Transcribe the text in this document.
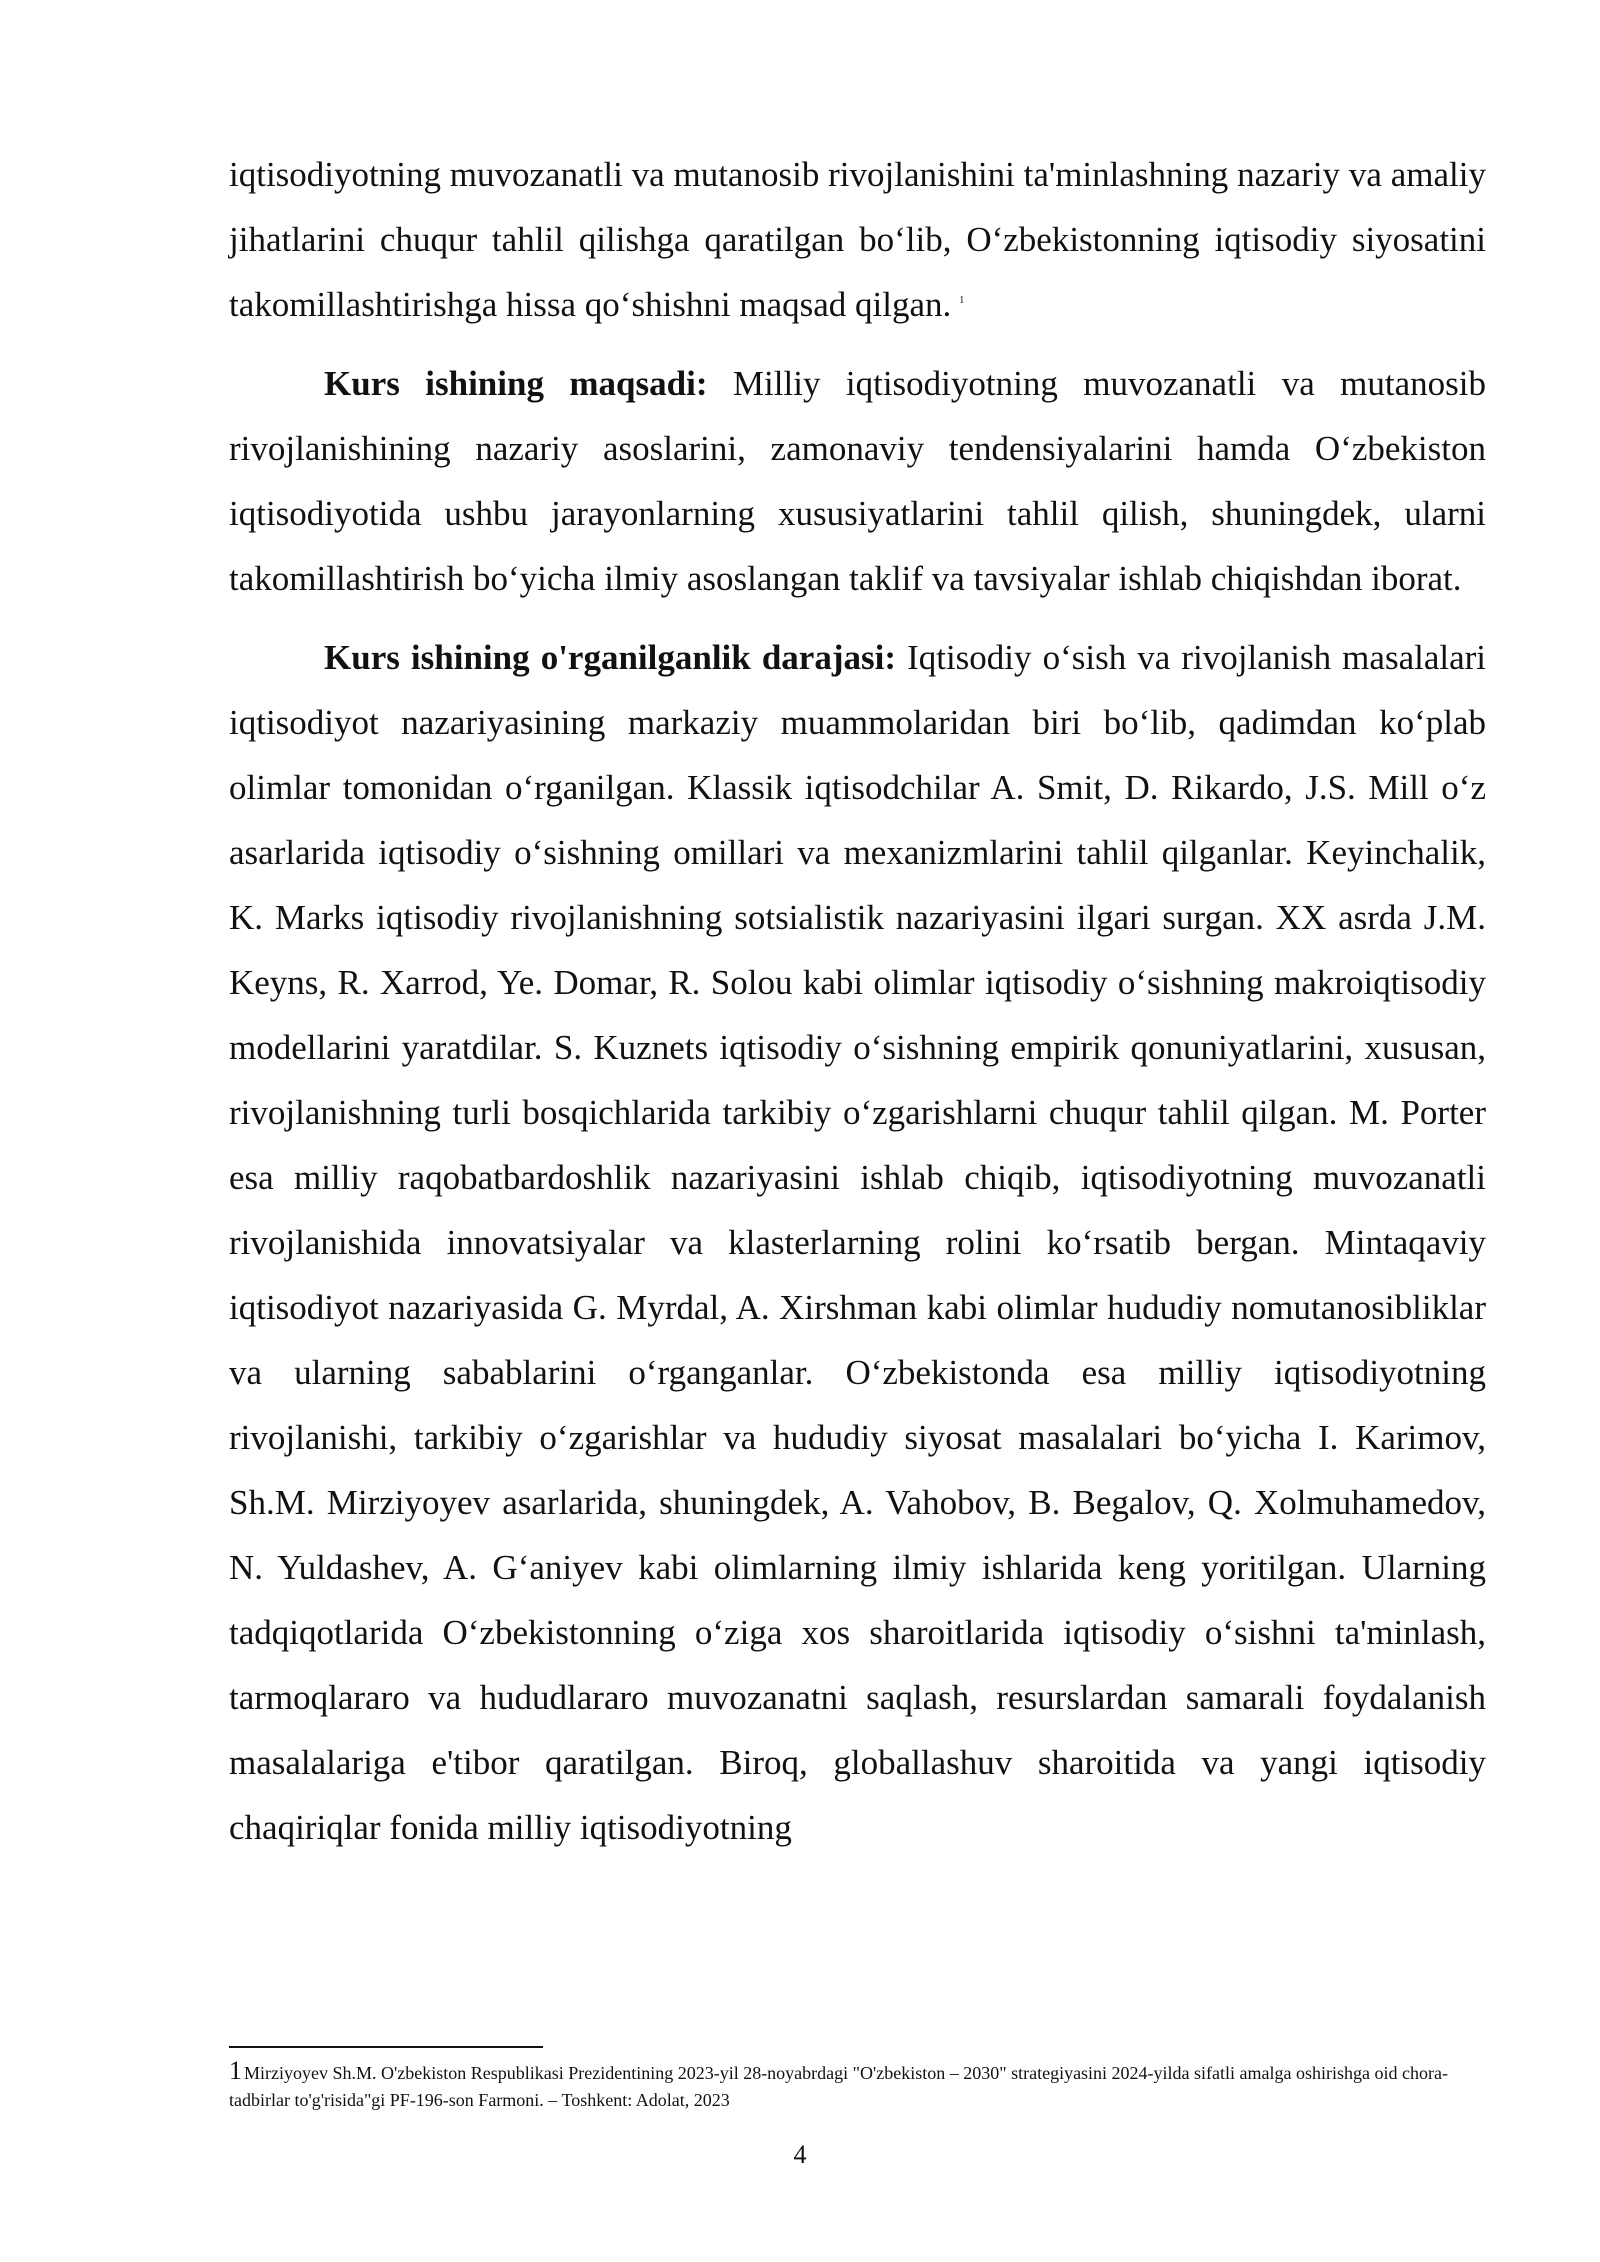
iqtisodiyotning muvozanatli va mutanosib rivojlanishini ta'minlashning nazariy va amaliy jihatlarini chuqur tahlil qilishga qaratilgan bo‘lib, O‘zbekistonning iqtisodiy siyosatini takomillashtirishga hissa qo‘shishni maqsad qilgan. $^1$

Kurs ishining maqsadi: Milliy iqtisodiyotning muvozanatli va mutanosib rivojlanishining nazariy asoslarini, zamonaviy tendensiyalarini hamda O‘zbekiston iqtisodiyotida ushbu jarayonlarning xususiyatlarini tahlil qilish, shuningdek, ularni takomillashtirish bo‘yicha ilmiy asoslangan taklif va tavsiyalar ishlab chiqishdan iborat.

Kurs ishining o'rganilganlik darajasi: Iqtisodiy o‘sish va rivojlanish masalalari iqtisodiyot nazariyasining markaziy muammolaridan biri bo‘lib, qadimdan ko‘plab olimlar tomonidan o‘rganilgan. Klassik iqtisodchilar A. Smit, D. Rikardo, J.S. Mill o‘z asarlarida iqtisodiy o‘sishning omillari va mexanizmlarini tahlil qilganlar. Keyinchalik, K. Marks iqtisodiy rivojlanishning sotsialistik nazariyasini ilgari surgan. XX asrda J.M. Keyns, R. Xarrod, Ye. Domar, R. Solou kabi olimlar iqtisodiy o‘sishning makroiqtisodiy modellarini yaratdilar. S. Kuznets iqtisodiy o‘sishning empirik qonuniyatlarini, xususan, rivojlanishning turli bosqichlarida tarkibiy o‘zgarishlarni chuqur tahlil qilgan. M. Porter esa milliy raqobatbardoshlik nazariyasini ishlab chiqib, iqtisodiyotning muvozanatli rivojlanishida innovatsiyalar va klasterlarning rolini ko‘rsatib bergan. Mintaqaviy iqtisodiyot nazariyasida G. Myrdal, A. Xirshman kabi olimlar hududiy nomutanosibliklar va ularning sabablarini o‘rganganlar. O‘zbekistonda esa milliy iqtisodiyotning rivojlanishi, tarkibiy o‘zgarishlar va hududiy siyosat masalalari bo‘yicha I. Karimov, Sh.M. Mirziyoyev asarlarida, shuningdek, A. Vahobov, B. Begalov, Q. Xolmuhamedov, N. Yuldashev, A. G‘aniyev kabi olimlarning ilmiy ishlarida keng yoritilgan. Ularning tadqiqotlarida O‘zbekistonning o‘ziga xos sharoitlarida iqtisodiy o‘sishni ta'minlash, tarmoqlararo va hududlararo muvozanatni saqlash, resurslardan samarali foydalanish masalalariga e'tibor qaratilgan. Biroq, globallashuv sharoitida va yangi iqtisodiy chaqiriqlar fonida milliy iqtisodiyotning

1 Mirziyoyev Sh.M. O'zbekiston Respublikasi Prezidentining 2023-yil 28-noyabrdagi "O'zbekiston – 2030" strategiyasini 2024-yilda sifatli amalga oshirishga oid chora-tadbirlar to'g'risida"gi PF-196-son Farmoni. – Toshkent: Adolat, 2023
4
